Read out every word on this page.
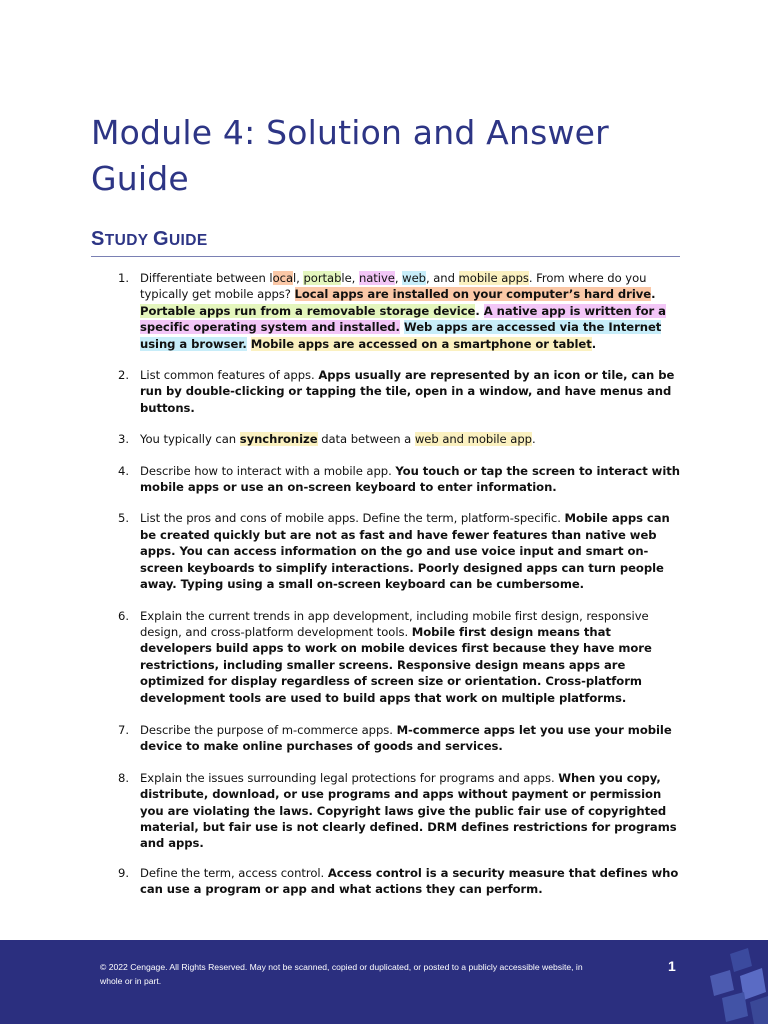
Module 4: Solution and Answer Guide
STUDY GUIDE
1. Differentiate between local, portable, native, web, and mobile apps. From where do you typically get mobile apps? Local apps are installed on your computer’s hard drive. Portable apps run from a removable storage device. A native app is written for a specific operating system and installed. Web apps are accessed via the Internet using a browser. Mobile apps are accessed on a smartphone or tablet.
2. List common features of apps. Apps usually are represented by an icon or tile, can be run by double-clicking or tapping the tile, open in a window, and have menus and buttons.
3. You typically can synchronize data between a web and mobile app.
4. Describe how to interact with a mobile app. You touch or tap the screen to interact with mobile apps or use an on-screen keyboard to enter information.
5. List the pros and cons of mobile apps. Define the term, platform-specific. Mobile apps can be created quickly but are not as fast and have fewer features than native web apps. You can access information on the go and use voice input and smart on-screen keyboards to simplify interactions. Poorly designed apps can turn people away. Typing using a small on-screen keyboard can be cumbersome.
6. Explain the current trends in app development, including mobile first design, responsive design, and cross-platform development tools. Mobile first design means that developers build apps to work on mobile devices first because they have more restrictions, including smaller screens. Responsive design means apps are optimized for display regardless of screen size or orientation. Cross-platform development tools are used to build apps that work on multiple platforms.
7. Describe the purpose of m-commerce apps. M-commerce apps let you use your mobile device to make online purchases of goods and services.
8. Explain the issues surrounding legal protections for programs and apps. When you copy, distribute, download, or use programs and apps without payment or permission you are violating the laws. Copyright laws give the public fair use of copyrighted material, but fair use is not clearly defined. DRM defines restrictions for programs and apps.
9. Define the term, access control. Access control is a security measure that defines who can use a program or app and what actions they can perform.
© 2022 Cengage. All Rights Reserved. May not be scanned, copied or duplicated, or posted to a publicly accessible website, in whole or in part.
1
